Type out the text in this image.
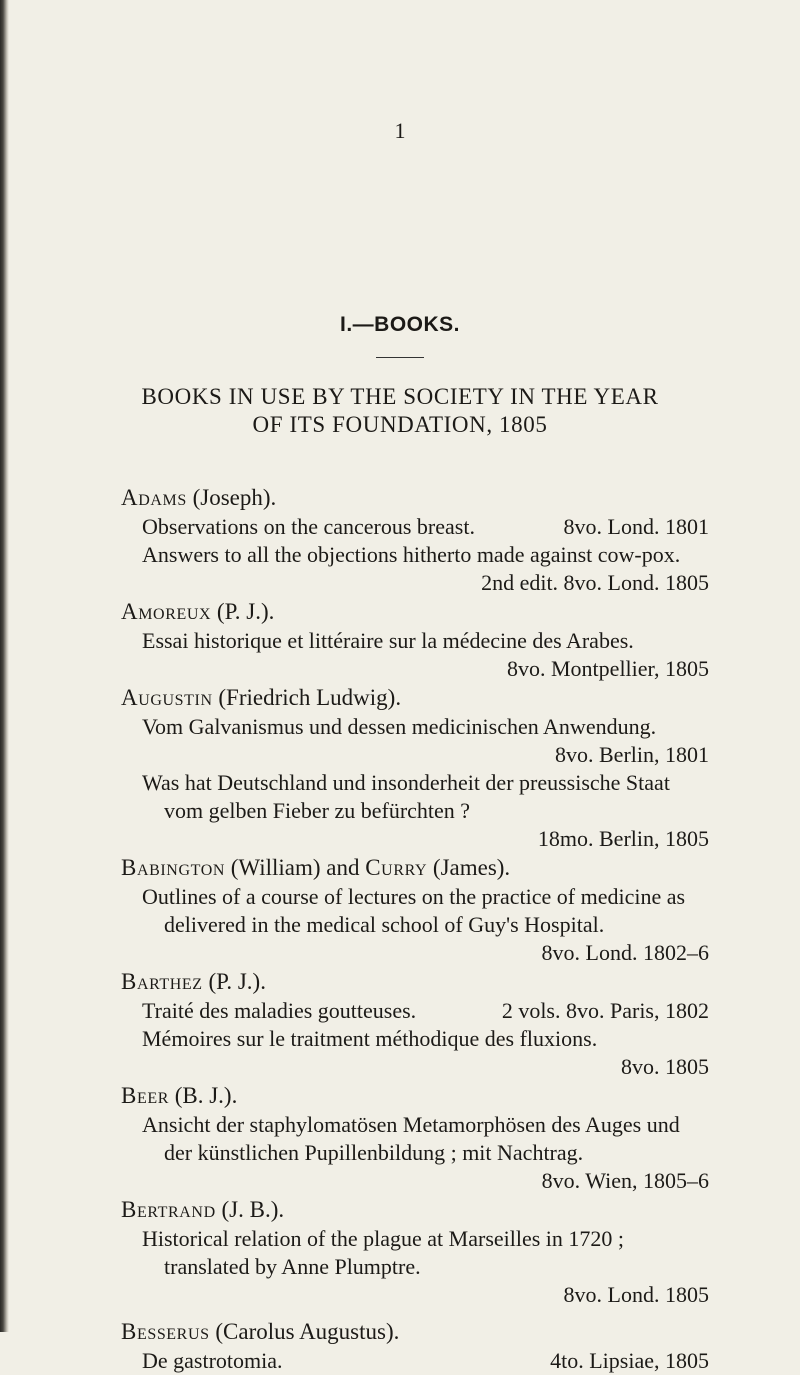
1
I.—BOOKS.
BOOKS IN USE BY THE SOCIETY IN THE YEAR
OF ITS FOUNDATION, 1805
Adams (Joseph).
Observations on the cancerous breast.	8vo. Lond. 1801
Answers to all the objections hitherto made against cow-pox.
2nd edit. 8vo. Lond. 1805
Amoreux (P. J.).
Essai historique et littéraire sur la médecine des Arabes.
8vo. Montpellier, 1805
Augustin (Friedrich Ludwig).
Vom Galvanismus und dessen medicinischen Anwendung.
8vo. Berlin, 1801
Was hat Deutschland und insonderheit der preussische Staat vom gelben Fieber zu befürchten ?
18mo. Berlin, 1805
Babington (William) and Curry (James).
Outlines of a course of lectures on the practice of medicine as delivered in the medical school of Guy's Hospital.
8vo. Lond. 1802–6
Barthez (P. J.).
Traité des maladies goutteuses.	2 vols. 8vo. Paris, 1802
Mémoires sur le traitment méthodique des fluxions.
8vo. 1805
Beer (B. J.).
Ansicht der staphylomatösen Metamorphösen des Auges und der künstlichen Pupillenbildung ; mit Nachtrag.
8vo. Wien, 1805–6
Bertrand (J. B.).
Historical relation of the plague at Marseilles in 1720 ; translated by Anne Plumptre.
8vo. Lond. 1805
Besserus (Carolus Augustus).
De gastrotomia.	4to. Lipsiae, 1805
